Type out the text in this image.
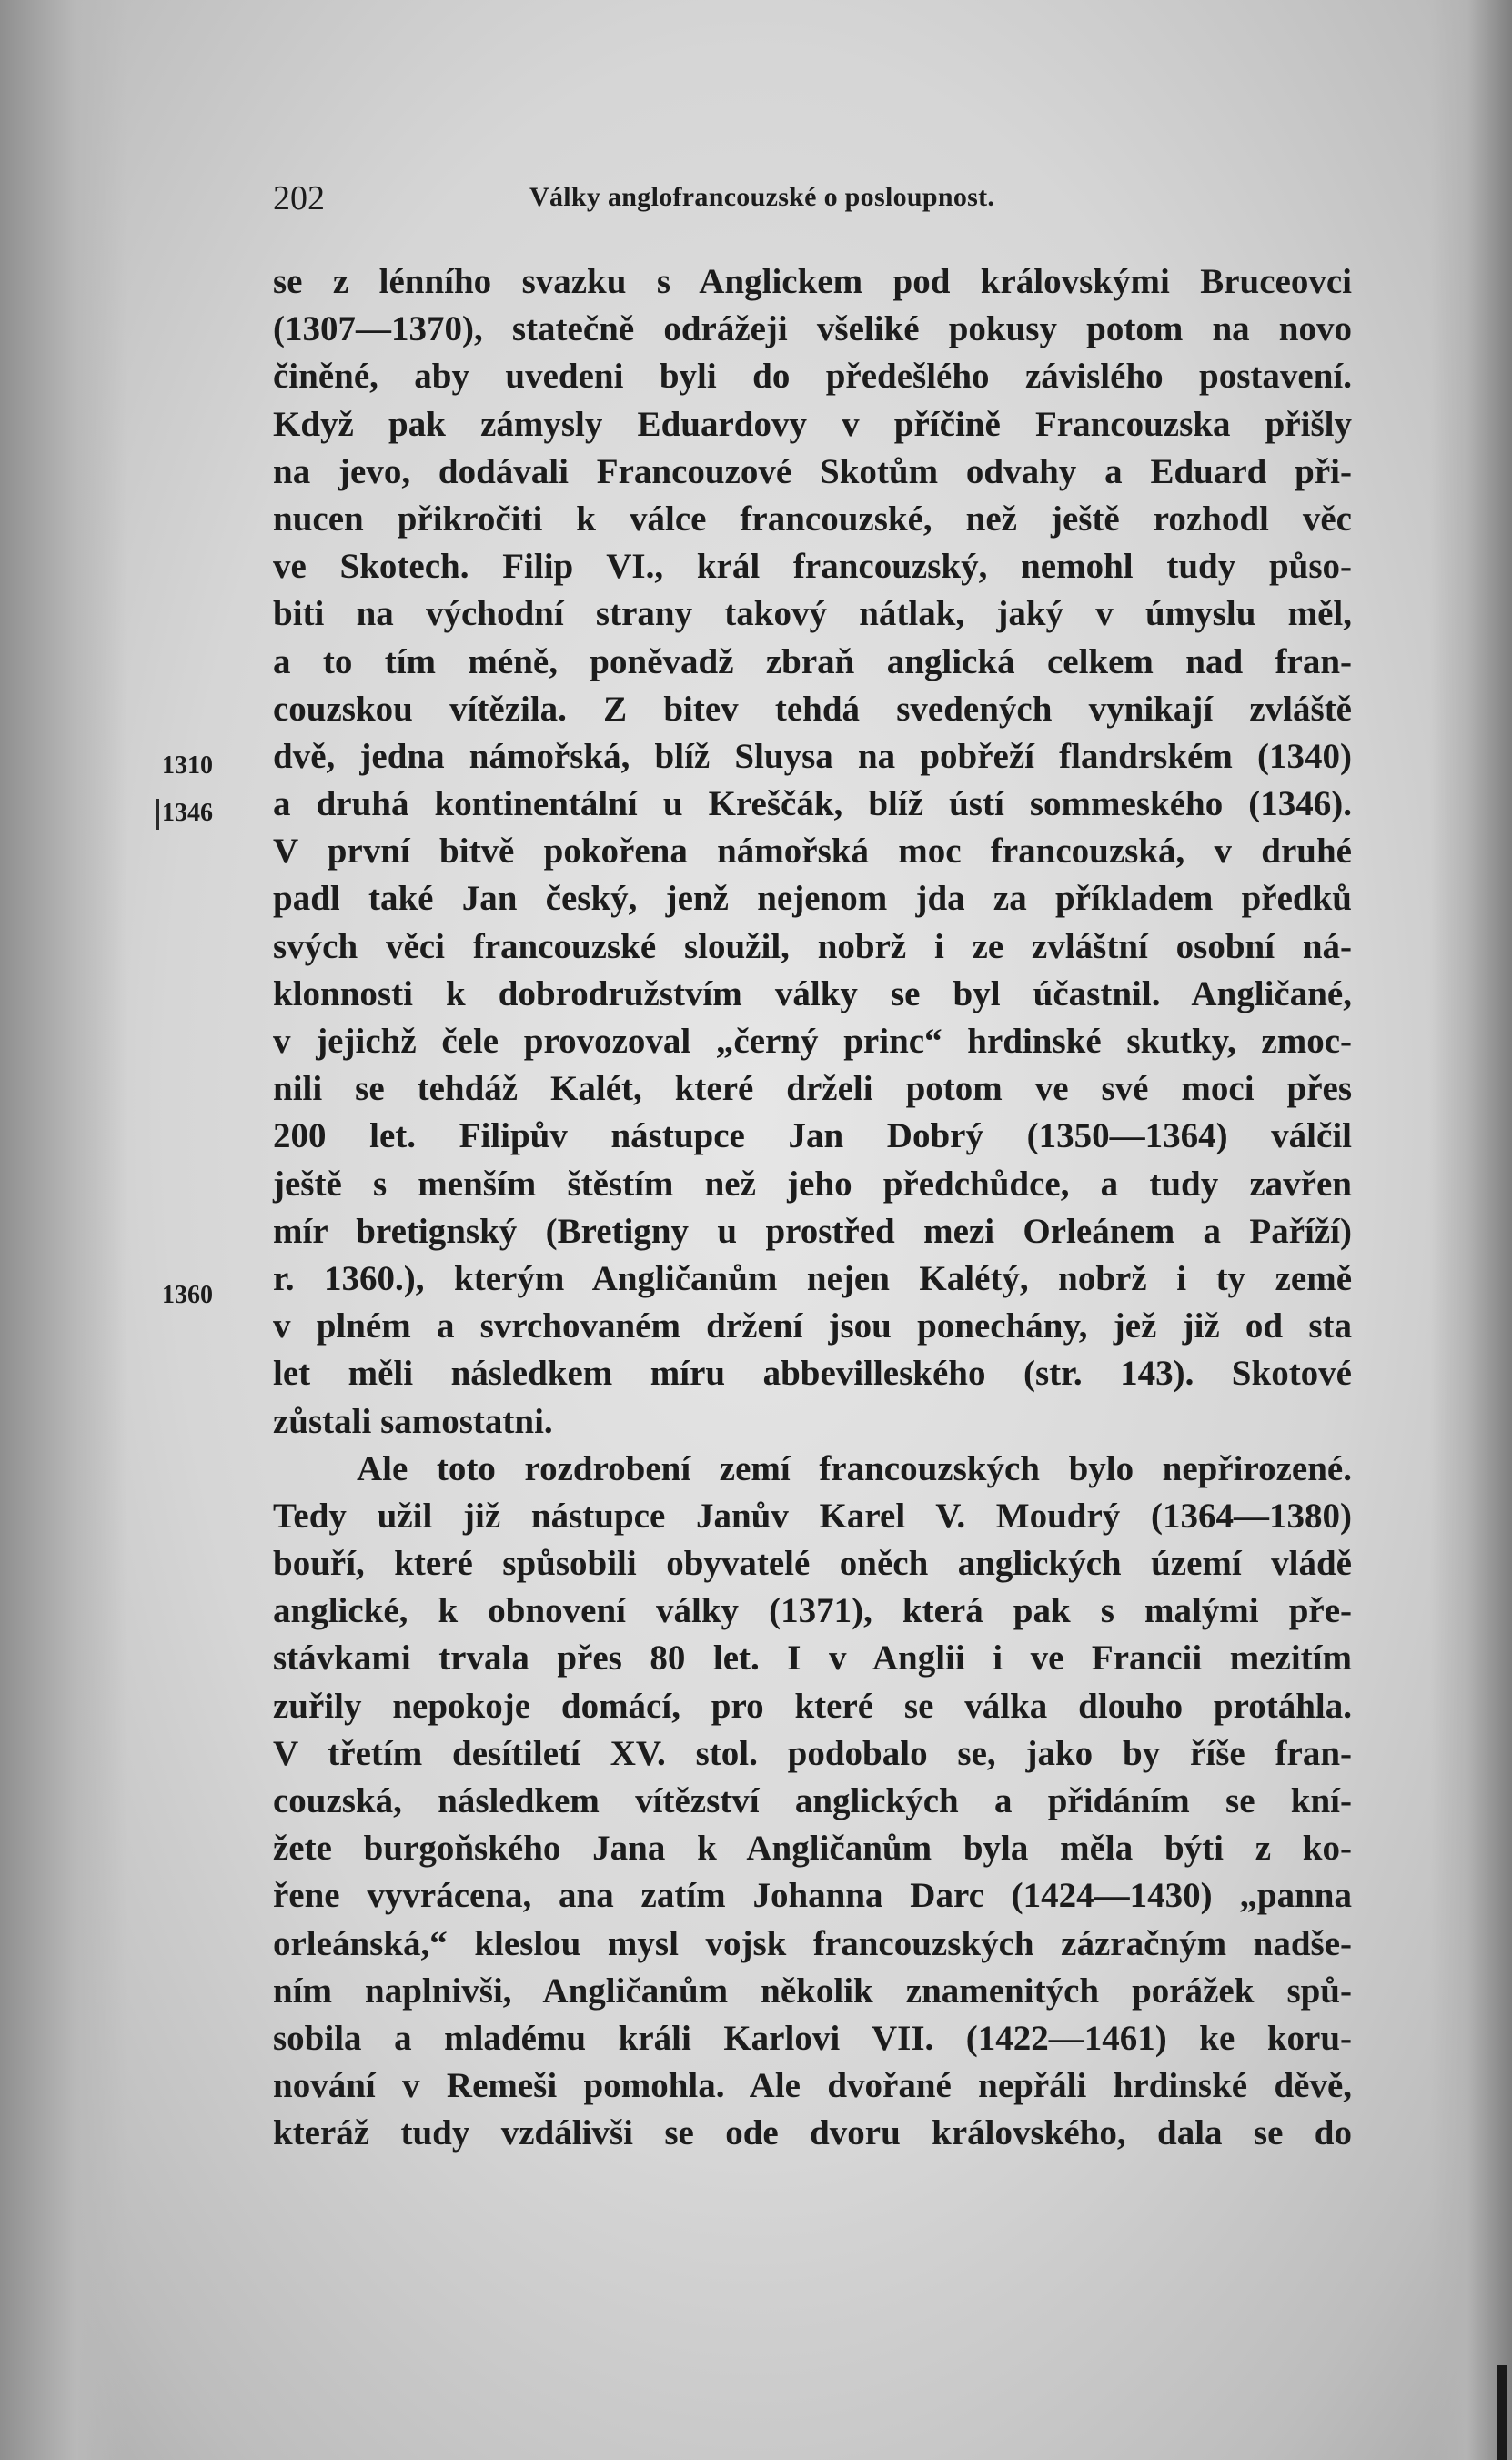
202	Války anglofrancouzské o posloupnost.
1310
1346
1360
se z lénního svazku s Anglickem pod královskými Bruceovci
(1307—1370), statečně odrážeji všeliké pokusy potom na novo
činěné, aby uvedeni byli do předešlého závislého postavení.
Když pak zámysly Eduardovy v příčině Francouzska přišly
na jevo, dodávali Francouzové Skotům odvahy a Eduard při-
nucen přikročiti k válce francouzské, než ještě rozhodl věc
ve Skotech. Filip VI., král francouzský, nemohl tudy půso-
biti na východní strany takový nátlak, jaký v úmyslu měl,
a to tím méně, poněvadž zbraň anglická celkem nad fran-
couzskou vítězila. Z bitev tehdá svedených vynikají zvláště
dvě, jedna námořská, blíž Sluysa na pobřeží flandrském (1340)
a druhá kontinentální u Kreščák, blíž ústí sommeského (1346).
V první bitvě pokořena námořská moc francouzská, v druhé
padl také Jan český, jenž nejenom jda za příkladem předků
svých věci francouzské sloužil, nobrž i ze zvláštní osobní ná-
klonnosti k dobrodružstvím války se byl účastnil. Angličané,
v jejichž čele provozoval „černý princ“ hrdinské skutky, zmoc-
nili se tehdáž Kalét, které drželi potom ve své moci přes
200 let. Filipův nástupce Jan Dobrý (1350—1364) válčil
ještě s menším štěstím než jeho předchůdce, a tudy zavřen
mír bretignský (Bretigny u prostřed mezi Orleánem a Paříží)
r. 1360.), kterým Angličanům nejen Kalétý, nobrž i ty země
v plném a svrchovaném držení jsou ponechány, jež již od sta
let měli následkem míru abbevilleského (str. 143). Skotové
zůstali samostatni.
Ale toto rozdrobení zemí francouzských bylo nepřirozené.
Tedy užil již nástupce Janův Karel V. Moudrý (1364—1380)
bouří, které spůsobili obyvatelé oněch anglických území vládě
anglické, k obnovení války (1371), která pak s malými pře-
stávkami trvala přes 80 let. I v Anglii i ve Francii mezitím
zuřily nepokoje domácí, pro které se válka dlouho protáhla.
V třetím desítiletí XV. stol. podobalo se, jako by říše fran-
couzská, následkem vítězství anglických a přidáním se kní-
žete burgoňského Jana k Angličanům byla měla býti z ko-
řene vyvrácena, ana zatím Johanna Darc (1424—1430) „panna
orleánská,“ kleslou mysl vojsk francouzských zázračným nadše-
ním naplnivši, Angličanům několik znamenitých porážek spů-
sobila a mladému králi Karlovi VII. (1422—1461) ke koru-
nování v Remeši pomohla. Ale dvořané nepřáli hrdinské děvě,
kteráž tudy vzdálivši se ode dvoru královského, dala se do
